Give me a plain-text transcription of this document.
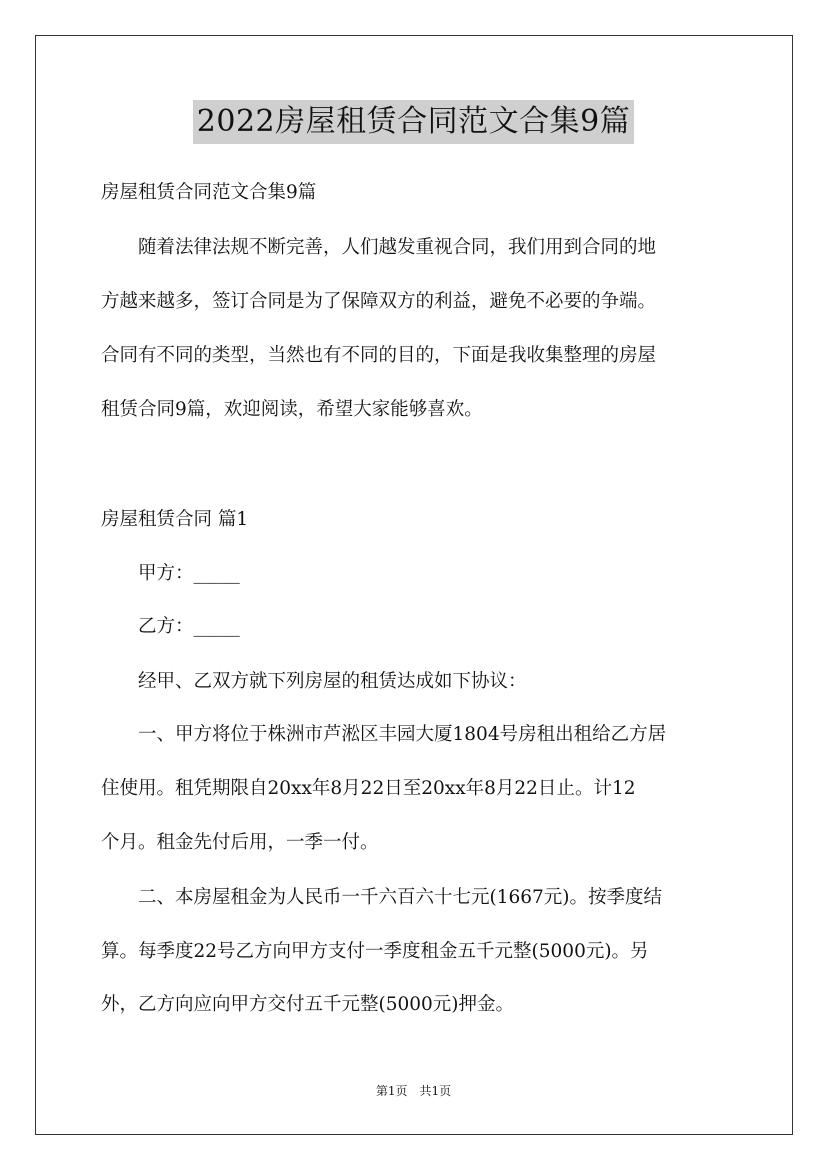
2022房屋租赁合同范文合集9篇
房屋租赁合同范文合集9篇
　　随着法律法规不断完善，人们越发重视合同，我们用到合同的地
方越来越多，签订合同是为了保障双方的利益，避免不必要的争端。
合同有不同的类型，当然也有不同的目的，下面是我收集整理的房屋
租赁合同9篇，欢迎阅读，希望大家能够喜欢。
房屋租赁合同 篇1
　　甲方：_____
　　乙方：_____
　　经甲、乙双方就下列房屋的租赁达成如下协议：
　　一、甲方将位于株洲市芦淞区丰园大厦1804号房租出租给乙方居
住使用。租凭期限自20xx年8月22日至20xx年8月22日止。计12
个月。租金先付后用，一季一付。
　　二、本房屋租金为人民币一千六百六十七元(1667元)。按季度结
算。每季度22号乙方向甲方支付一季度租金五千元整(5000元)。另
外，乙方向应向甲方交付五千元整(5000元)押金。
第1页　共1页
